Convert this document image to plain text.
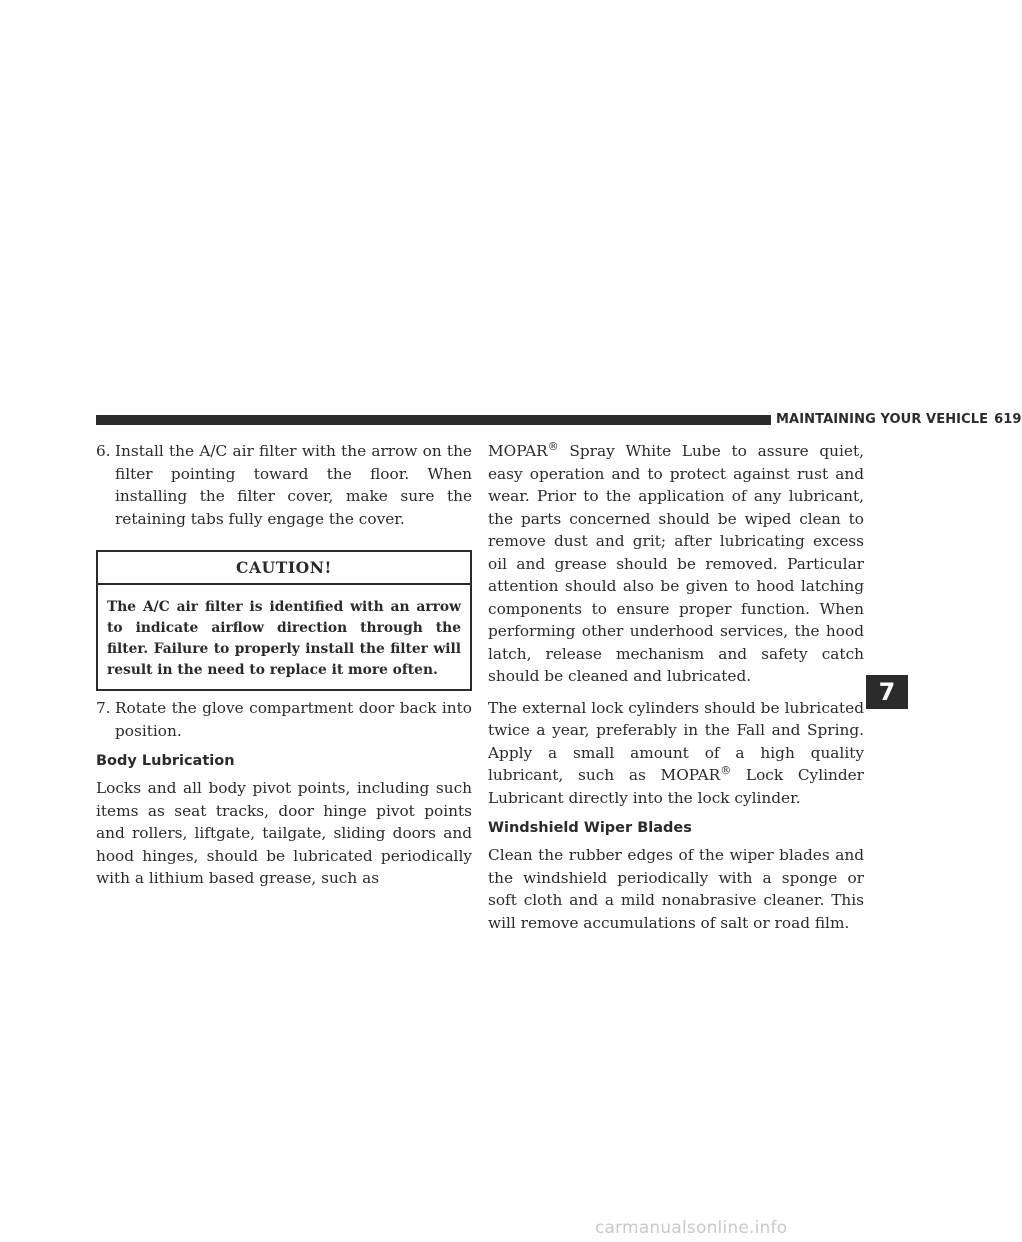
MAINTAINING YOUR VEHICLE 619
6. Install the A/C air filter with the arrow on the filter pointing toward the floor. When installing the filter cover, make sure the retaining tabs fully engage the cover.
CAUTION!
The A/C air filter is identified with an arrow to indicate airflow direction through the filter. Failure to properly install the filter will result in the need to replace it more often.
7. Rotate the glove compartment door back into position.
Body Lubrication

Locks and all body pivot points, including such items as seat tracks, door hinge pivot points and rollers, liftgate, tailgate, sliding doors and hood hinges, should be lubricated periodically with a lithium based grease, such as

MOPAR® Spray White Lube to assure quiet, easy operation and to protect against rust and wear. Prior to the application of any lubricant, the parts concerned should be wiped clean to remove dust and grit; after lubricating excess oil and grease should be removed. Particular attention should also be given to hood latching components to ensure proper function. When performing other underhood services, the hood latch, release mechanism and safety catch should be cleaned and lubricated.

The external lock cylinders should be lubricated twice a year, preferably in the Fall and Spring. Apply a small amount of a high quality lubricant, such as MOPAR® Lock Cylinder Lubricant directly into the lock cylinder.

Windshield Wiper Blades

Clean the rubber edges of the wiper blades and the windshield periodically with a sponge or soft cloth and a mild nonabrasive cleaner. This will remove accumulations of salt or road film.

7
carmanualsonline.info
